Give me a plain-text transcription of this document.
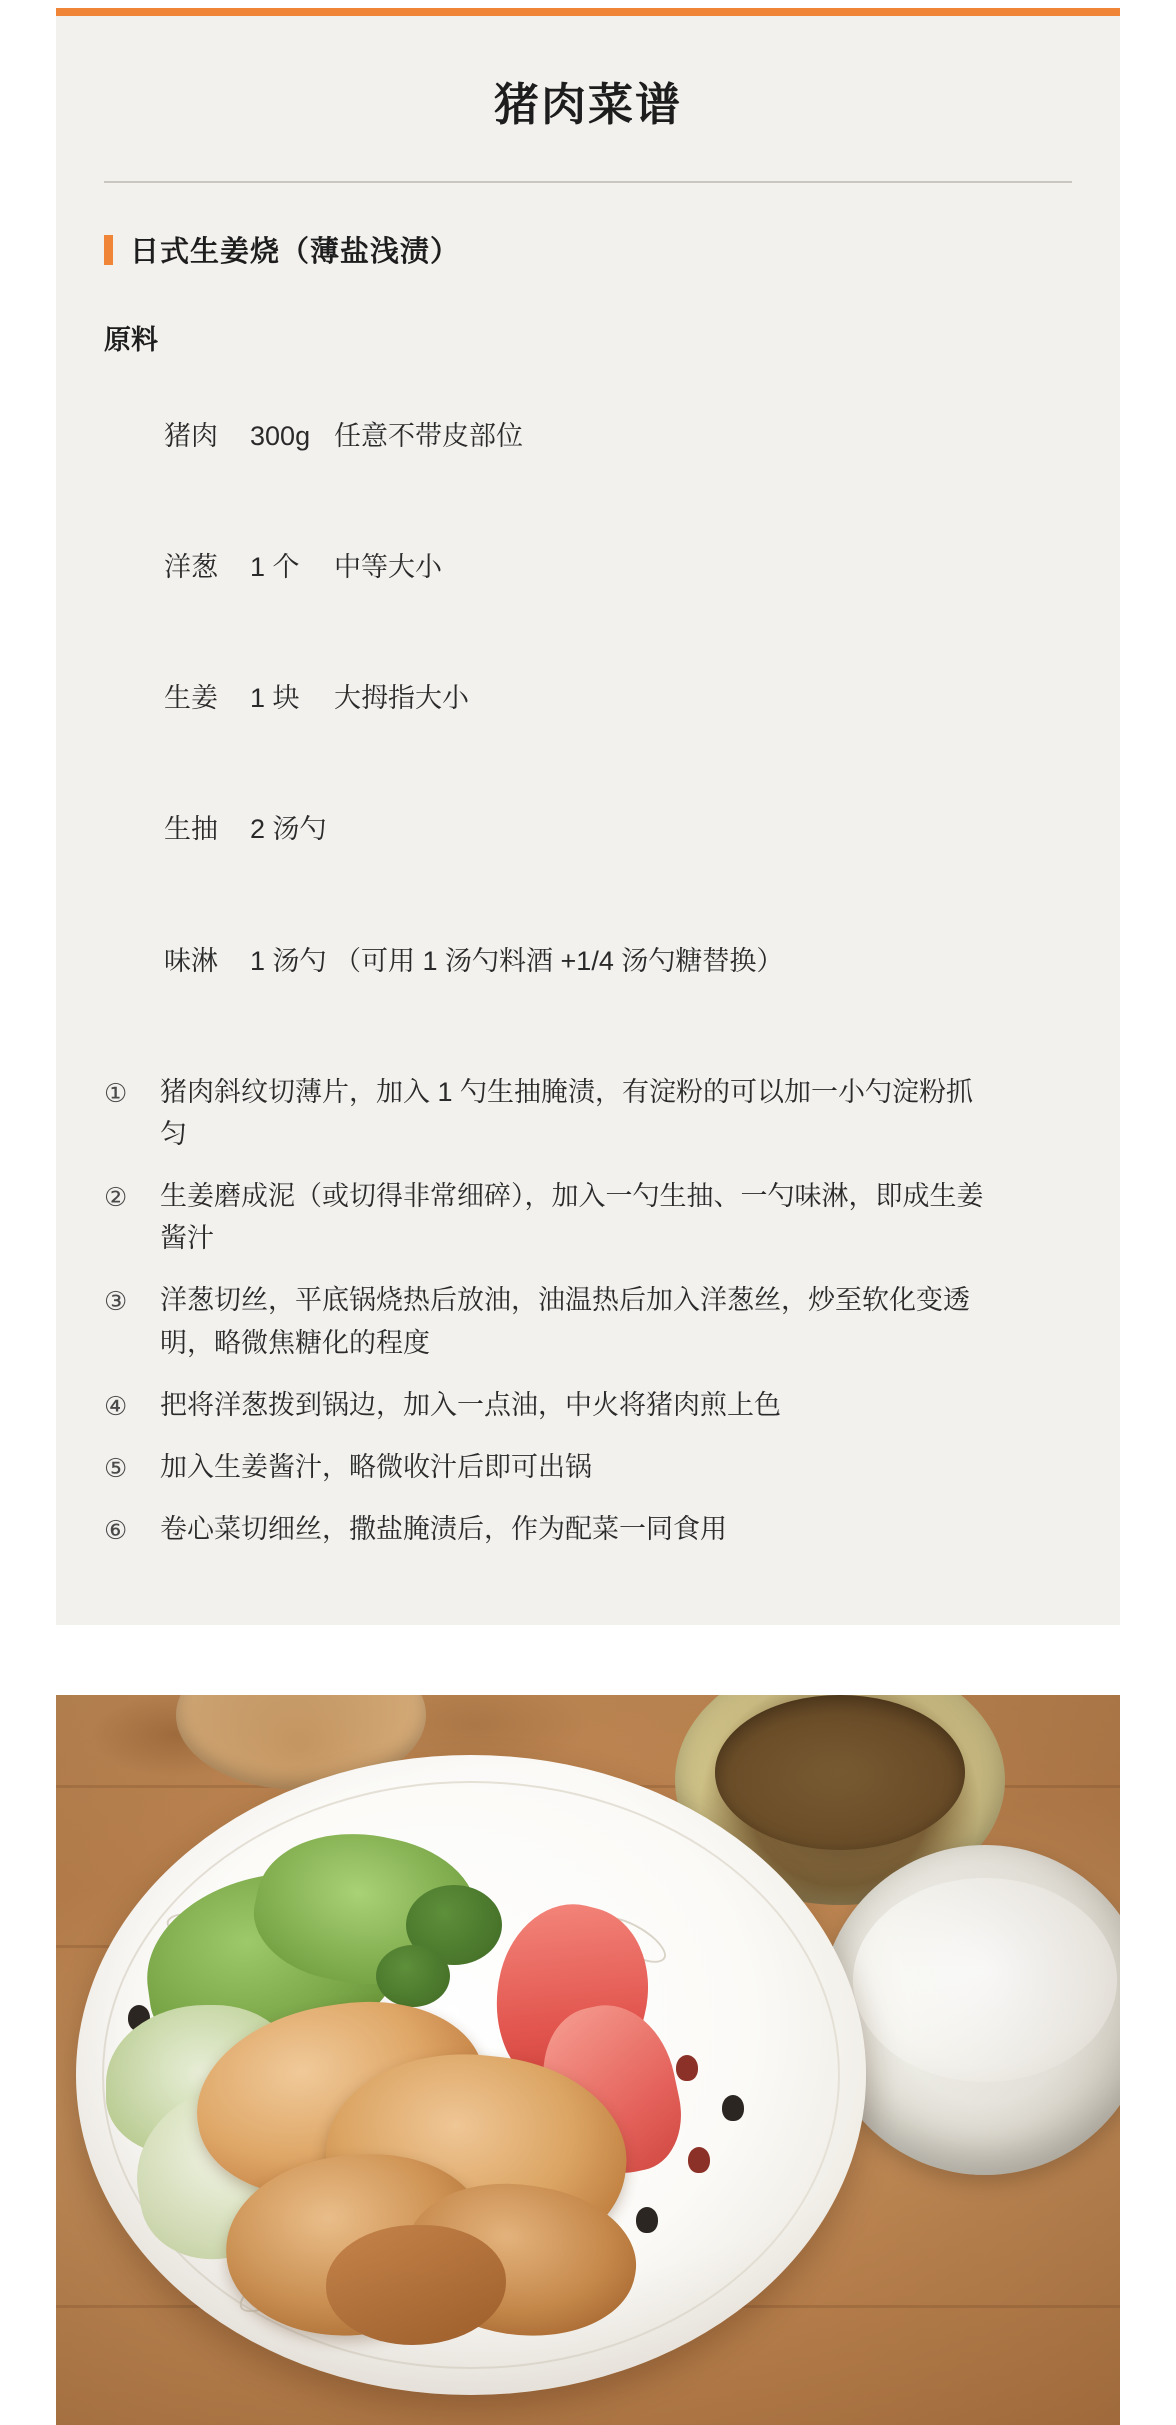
猪肉菜谱
日式生姜烧（薄盐浅渍）
原料

猪肉 300g 任意不带皮部位

洋葱 1 个 中等大小

生姜 1 块 大拇指大小

生抽 2 汤勺

味淋 1 汤勺 （可用 1 汤勺料酒 +1/4 汤勺糖替换）

①	猪肉斜纹切薄片，加入 1 勺生抽腌渍，有淀粉的可以加一小勺淀粉抓匀
②	生姜磨成泥（或切得非常细碎），加入一勺生抽、一勺味淋，即成生姜酱汁
③	洋葱切丝，平底锅烧热后放油，油温热后加入洋葱丝，炒至软化变透明，略微焦糖化的程度
④	把将洋葱拨到锅边，加入一点油，中火将猪肉煎上色
⑤	加入生姜酱汁，略微收汁后即可出锅
⑥	卷心菜切细丝，撒盐腌渍后，作为配菜一同食用
